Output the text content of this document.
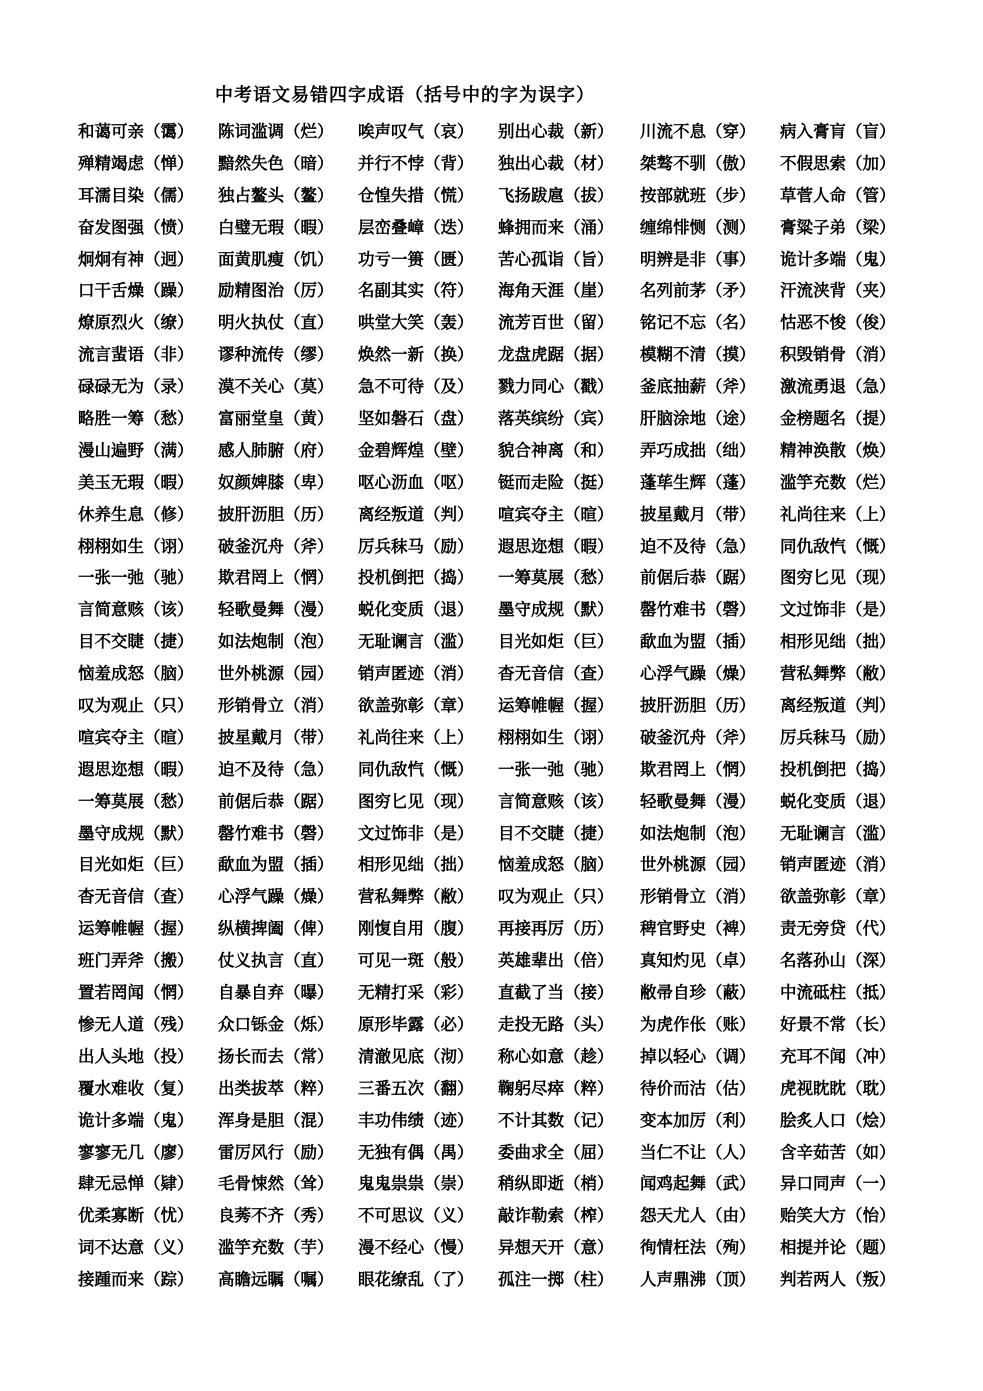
中考语文易错四字成语（括号中的字为误字）
和蔼可亲（霭） 陈词滥调（烂） 唉声叹气（哀） 别出心裁（新） 川流不息（穿） 病入膏肓（盲）
殚精竭虑（惮） 黯然失色（暗） 并行不悖（背） 独出心裁（材） 桀骜不驯（傲） 不假思索（加）
耳濡目染（儒） 独占鳌头（鳌） 仓惶失措（慌） 飞扬跋扈（拔） 按部就班（步） 草菅人命（管）
奋发图强（愤） 白璧无瑕（暇） 层峦叠嶂（迭） 蜂拥而来（涌） 缠绵悱恻（测） 膏粱子弟（梁）
炯炯有神（迥） 面黄肌瘦（饥） 功亏一篑（匮） 苦心孤诣（旨） 明辨是非（事） 诡计多端（鬼）
口干舌燥（躁） 励精图治（厉） 名副其实（符） 海角天涯（崖） 名列前茅（矛） 汗流浃背（夹）
燎原烈火（缭） 明火执仗（直） 哄堂大笑（轰） 流芳百世（留） 铭记不忘（名） 怙恶不悛（俊）
流言蜚语（非） 谬种流传（缪） 焕然一新（换） 龙盘虎踞（据） 模糊不清（摸） 积毁销骨（消）
碌碌无为（录） 漠不关心（莫） 急不可待（及） 戮力同心（戳） 釜底抽薪（斧） 激流勇退（急）
略胜一筹（愁） 富丽堂皇（黄） 坚如磐石（盘） 落英缤纷（宾） 肝脑涂地（途） 金榜题名（提）
漫山遍野（满） 感人肺腑（府） 金碧辉煌（壁） 貌合神离（和） 弄巧成拙（绌） 精神涣散（焕）
美玉无瑕（暇） 奴颜婢膝（卑） 呕心沥血（呕） 铤而走险（挺） 蓬荜生辉（蓬） 滥竽充数（烂）
休养生息（修） 披肝沥胆（历） 离经叛道（判） 喧宾夺主（暄） 披星戴月（带） 礼尚往来（上）
栩栩如生（诩） 破釜沉舟（斧） 厉兵秣马（励） 遐思迩想（暇） 迫不及待（急） 同仇敌忾（慨）
一张一弛（驰） 欺君罔上（惘） 投机倒把（捣） 一筹莫展（愁） 前倨后恭（踞） 图穷匕见（现）
言简意赅（该） 轻歌曼舞（漫） 蜕化变质（退） 墨守成规（默） 罄竹难书（磬） 文过饰非（是）
目不交睫（捷） 如法炮制（泡） 无耻谰言（滥） 目光如炬（巨） 歃血为盟（插） 相形见绌（拙）
恼羞成怒（脑） 世外桃源（园） 销声匿迹（消） 杳无音信（查） 心浮气躁（燥） 营私舞弊（敝）
叹为观止（只） 形销骨立（消） 欲盖弥彰（章） 运筹帷幄（握） 披肝沥胆（历） 离经叛道（判）
喧宾夺主（暄） 披星戴月（带） 礼尚往来（上） 栩栩如生（诩） 破釜沉舟（斧） 厉兵秣马（励）
遐思迩想（暇） 迫不及待（急） 同仇敌忾（慨） 一张一弛（驰） 欺君罔上（惘） 投机倒把（捣）
一筹莫展（愁） 前倨后恭（踞） 图穷匕见（现） 言简意赅（该） 轻歌曼舞（漫） 蜕化变质（退）
墨守成规（默） 罄竹难书（磬） 文过饰非（是） 目不交睫（捷） 如法炮制（泡） 无耻谰言（滥）
目光如炬（巨） 歃血为盟（插） 相形见绌（拙） 恼羞成怒（脑） 世外桃源（园） 销声匿迹（消）
杳无音信（查） 心浮气躁（燥） 营私舞弊（敝） 叹为观止（只） 形销骨立（消） 欲盖弥彰（章）
运筹帷幄（握） 纵横捭阖（俾） 刚愎自用（腹） 再接再厉（历） 稗官野史（裨） 责无旁贷（代）
班门弄斧（搬） 仗义执言（直） 可见一斑（般） 英雄辈出（倍） 真知灼见（卓） 名落孙山（深）
置若罔闻（惘） 自暴自弃（曝） 无精打采（彩） 直截了当（接） 敝帚自珍（蔽） 中流砥柱（抵）
惨无人道（残） 众口铄金（烁） 原形毕露（必） 走投无路（头） 为虎作伥（账） 好景不常（长）
出人头地（投） 扬长而去（常） 清澈见底（沏） 称心如意（趁） 掉以轻心（调） 充耳不闻（冲）
覆水难收（复） 出类拔萃（粹） 三番五次（翻） 鞠躬尽瘁（粹） 待价而沽（估） 虎视眈眈（耽）
诡计多端（鬼） 浑身是胆（混） 丰功伟绩（迹） 不计其数（记） 变本加厉（利） 脍炙人口（烩）
寥寥无几（廖） 雷厉风行（励） 无独有偶（禺） 委曲求全（屈） 当仁不让（人） 含辛茹苦（如）
肆无忌惮（肄） 毛骨悚然（耸） 鬼鬼祟祟（崇） 稍纵即逝（梢） 闻鸡起舞（武） 异口同声（一）
优柔寡断（忧） 良莠不齐（秀） 不可思议（义） 敲诈勒索（榨） 怨天尤人（由） 贻笑大方（怡）
词不达意（义） 滥竽充数（芋） 漫不经心（慢） 异想天开（意） 徇情枉法（殉） 相提并论（题）
接踵而来（踪） 高瞻远瞩（嘱） 眼花缭乱（了） 孤注一掷（柱） 人声鼎沸（顶） 判若两人（叛）
